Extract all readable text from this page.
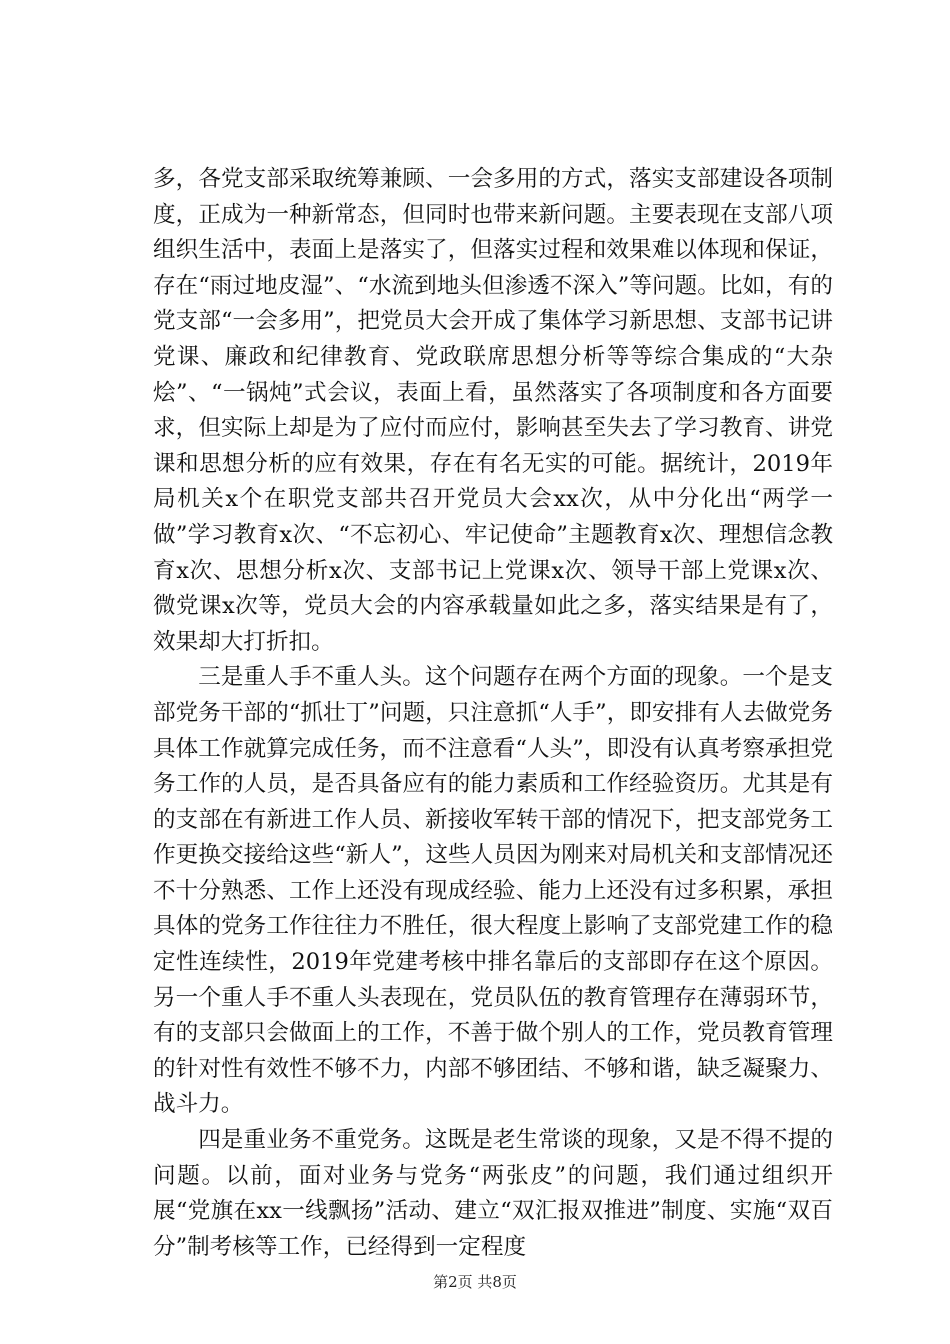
多，各党支部采取统筹兼顾、一会多用的方式，落实支部建设各项制度，正成为一种新常态，但同时也带来新问题。主要表现在支部八项组织生活中，表面上是落实了，但落实过程和效果难以体现和保证，存在“雨过地皮湿”、“水流到地头但渗透不深入”等问题。比如，有的党支部“一会多用”，把党员大会开成了集体学习新思想、支部书记讲党课、廉政和纪律教育、党政联席思想分析等等综合集成的“大杂烩”、“一锅炖”式会议，表面上看，虽然落实了各项制度和各方面要求，但实际上却是为了应付而应付，影响甚至失去了学习教育、讲党课和思想分析的应有效果，存在有名无实的可能。据统计，2019年局机关x个在职党支部共召开党员大会xx次，从中分化出“两学一做”学习教育x次、“不忘初心、牢记使命”主题教育x次、理想信念教育x次、思想分析x次、支部书记上党课x次、领导干部上党课x次、微党课x次等，党员大会的内容承载量如此之多，落实结果是有了，效果却大打折扣。

三是重人手不重人头。这个问题存在两个方面的现象。一个是支部党务干部的“抓壮丁”问题，只注意抓“人手”，即安排有人去做党务具体工作就算完成任务，而不注意看“人头”，即没有认真考察承担党务工作的人员，是否具备应有的能力素质和工作经验资历。尤其是有的支部在有新进工作人员、新接收军转干部的情况下，把支部党务工作更换交接给这些“新人”，这些人员因为刚来对局机关和支部情况还不十分熟悉、工作上还没有现成经验、能力上还没有过多积累，承担具体的党务工作往往力不胜任，很大程度上影响了支部党建工作的稳定性连续性，2019年党建考核中排名靠后的支部即存在这个原因。另一个重人手不重人头表现在，党员队伍的教育管理存在薄弱环节，有的支部只会做面上的工作，不善于做个别人的工作，党员教育管理的针对性有效性不够不力，内部不够团结、不够和谐，缺乏凝聚力、战斗力。

四是重业务不重党务。这既是老生常谈的现象，又是不得不提的问题。以前，面对业务与党务“两张皮”的问题，我们通过组织开展“党旗在xx一线飘扬”活动、建立“双汇报双推进”制度、实施“双百分”制考核等工作，已经得到一定程度

第2页 共8页
